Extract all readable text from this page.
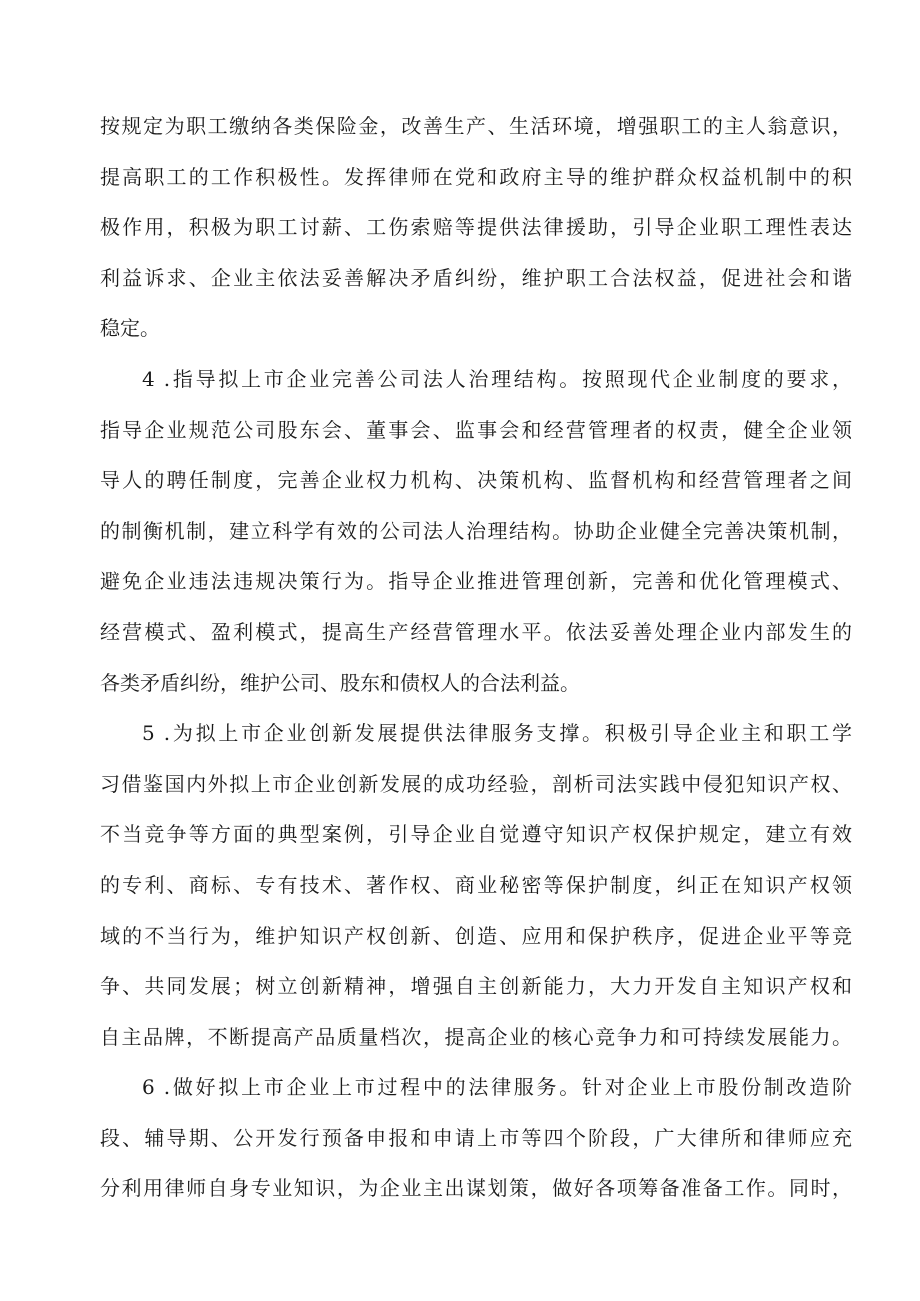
按规定为职工缴纳各类保险金，改善生产、生活环境，增强职工的主人翁意识，
提高职工的工作积极性。发挥律师在党和政府主导的维护群众权益机制中的积
极作用，积极为职工讨薪、工伤索赔等提供法律援助，引导企业职工理性表达
利益诉求、企业主依法妥善解决矛盾纠纷，维护职工合法权益，促进社会和谐
稳定。
4 .指导拟上市企业完善公司法人治理结构。按照现代企业制度的要求，
指导企业规范公司股东会、董事会、监事会和经营管理者的权责，健全企业领
导人的聘任制度，完善企业权力机构、决策机构、监督机构和经营管理者之间
的制衡机制，建立科学有效的公司法人治理结构。协助企业健全完善决策机制，
避免企业违法违规决策行为。指导企业推进管理创新，完善和优化管理模式、
经营模式、盈利模式，提高生产经营管理水平。依法妥善处理企业内部发生的
各类矛盾纠纷，维护公司、股东和债权人的合法利益。
5 .为拟上市企业创新发展提供法律服务支撑。积极引导企业主和职工学
习借鉴国内外拟上市企业创新发展的成功经验，剖析司法实践中侵犯知识产权、
不当竞争等方面的典型案例，引导企业自觉遵守知识产权保护规定，建立有效
的专利、商标、专有技术、著作权、商业秘密等保护制度，纠正在知识产权领
域的不当行为，维护知识产权创新、创造、应用和保护秩序，促进企业平等竞
争、共同发展；树立创新精神，增强自主创新能力，大力开发自主知识产权和
自主品牌，不断提高产品质量档次，提高企业的核心竞争力和可持续发展能力。
6 .做好拟上市企业上市过程中的法律服务。针对企业上市股份制改造阶
段、辅导期、公开发行预备申报和申请上市等四个阶段，广大律所和律师应充
分利用律师自身专业知识，为企业主出谋划策，做好各项筹备准备工作。同时，
